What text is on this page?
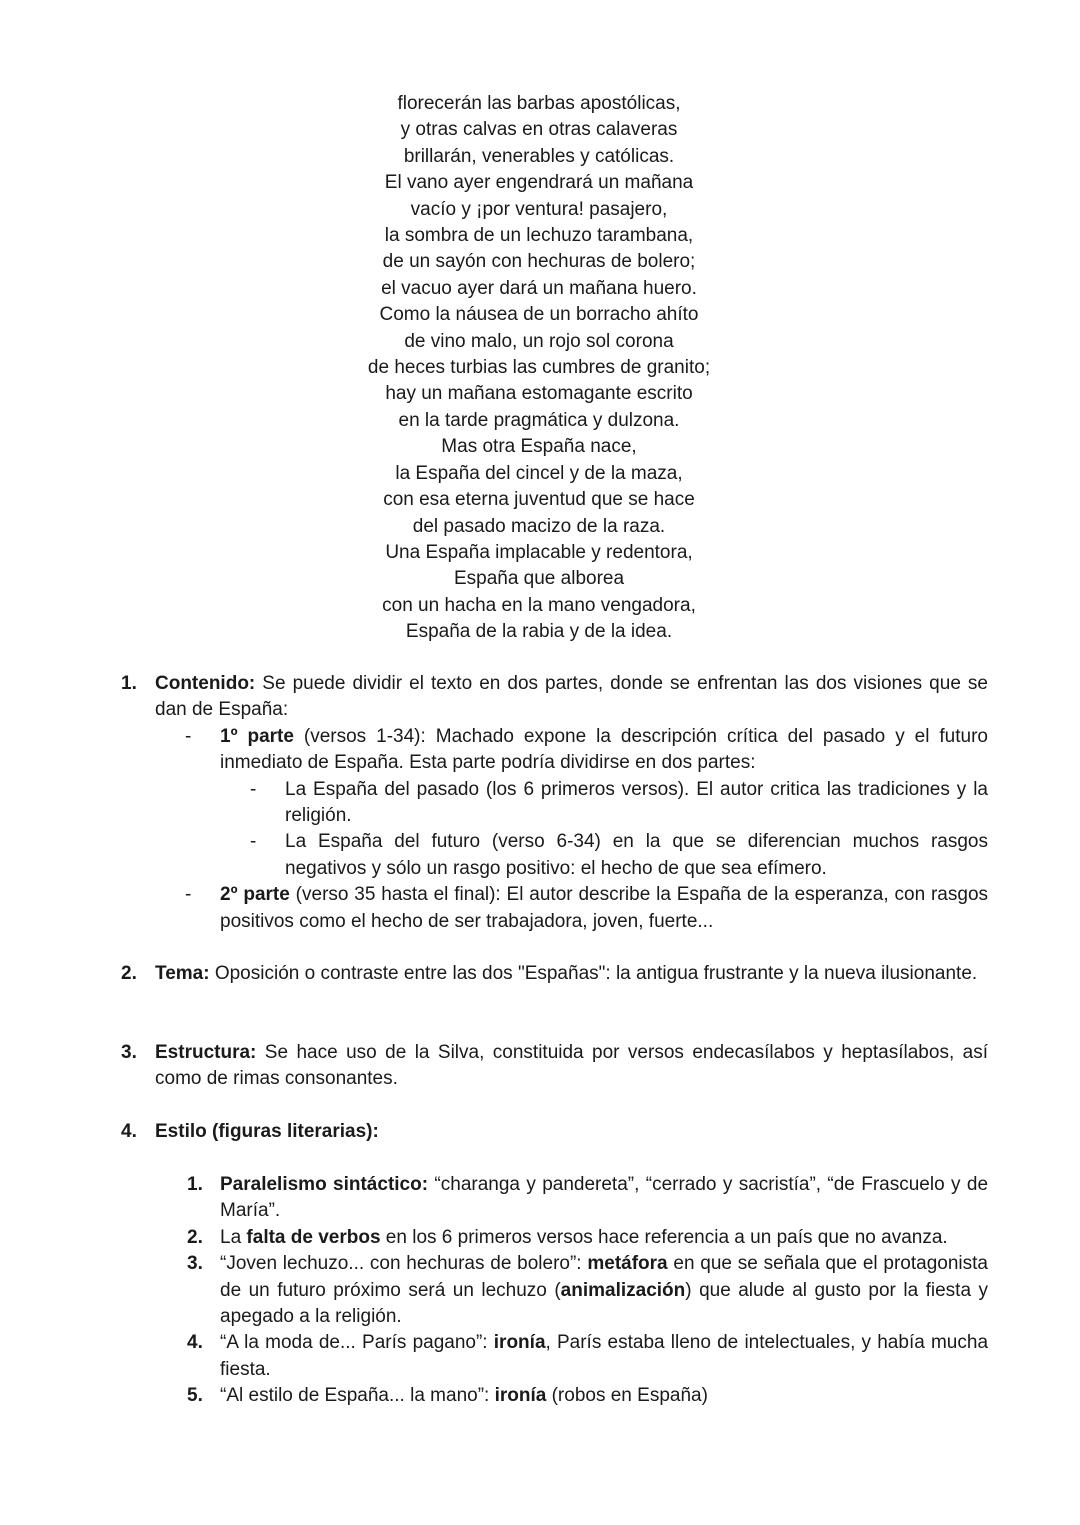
florecerán las barbas apostólicas,
y otras calvas en otras calaveras
brillarán, venerables y católicas.
El vano ayer engendrará un mañana
vacío y ¡por ventura! pasajero,
la sombra de un lechuzo tarambana,
de un sayón con hechuras de bolero;
el vacuo ayer dará un mañana huero.
Como la náusea de un borracho ahíto
de vino malo, un rojo sol corona
de heces turbias las cumbres de granito;
hay un mañana estomagante escrito
en la tarde pragmática y dulzona.
Mas otra España nace,
la España del cincel y de la maza,
con esa eterna juventud que se hace
del pasado macizo de la raza.
Una España implacable y redentora,
España que alborea
con un hacha en la mano vengadora,
España de la rabia y de la idea.
1. Contenido: Se puede dividir el texto en dos partes, donde se enfrentan las dos visiones que se dan de España:
- 1º parte (versos 1-34): Machado expone la descripción crítica del pasado y el futuro inmediato de España. Esta parte podría dividirse en dos partes:
- La España del pasado (los 6 primeros versos). El autor critica las tradiciones y la religión.
- La España del futuro (verso 6-34) en la que se diferencian muchos rasgos negativos y sólo un rasgo positivo: el hecho de que sea efímero.
- 2º parte (verso 35 hasta el final): El autor describe la España de la esperanza, con rasgos positivos como el hecho de ser trabajadora, joven, fuerte...
2. Tema: Oposición o contraste entre las dos "Españas": la antigua frustrante y la nueva ilusionante.
3. Estructura: Se hace uso de la Silva, constituida por versos endecasílabos y heptasílabos, así como de rimas consonantes.
4. Estilo (figuras literarias):
1. Paralelismo sintáctico: “charanga y pandereta”, “cerrado y sacristía”, “de Frascuelo y de María”.
2. La falta de verbos en los 6 primeros versos hace referencia a un país que no avanza.
3. “Joven lechuzo... con hechuras de bolero”: metáfora en que se señala que el protagonista de un futuro próximo será un lechuzo (animalización) que alude al gusto por la fiesta y apegado a la religión.
4. “A la moda de... París pagano”: ironía, París estaba lleno de intelectuales, y había mucha fiesta.
5. “Al estilo de España... la mano”: ironía (robos en España)
